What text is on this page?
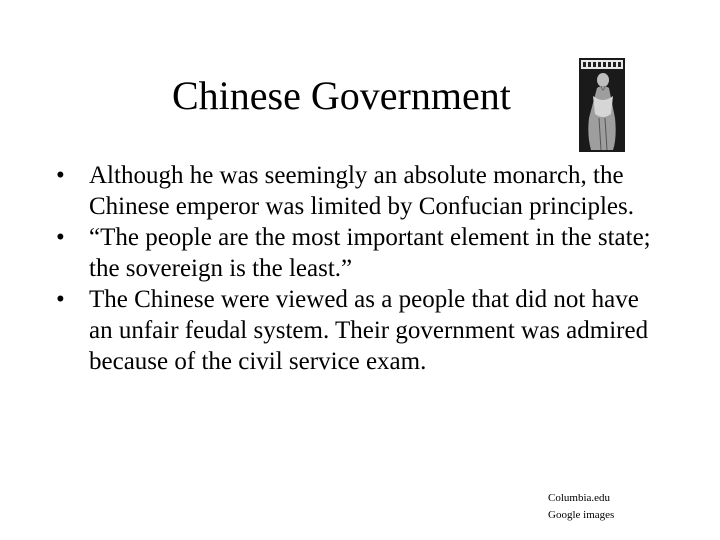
Chinese Government
• Although he was seemingly an absolute monarch, the Chinese emperor was limited by Confucian principles.
• “The people are the most important element in the state; the sovereign is the least.”
• The Chinese were viewed as a people that did not have an unfair feudal system. Their government was admired because of the civil service exam.
Columbia.edu
Google images
